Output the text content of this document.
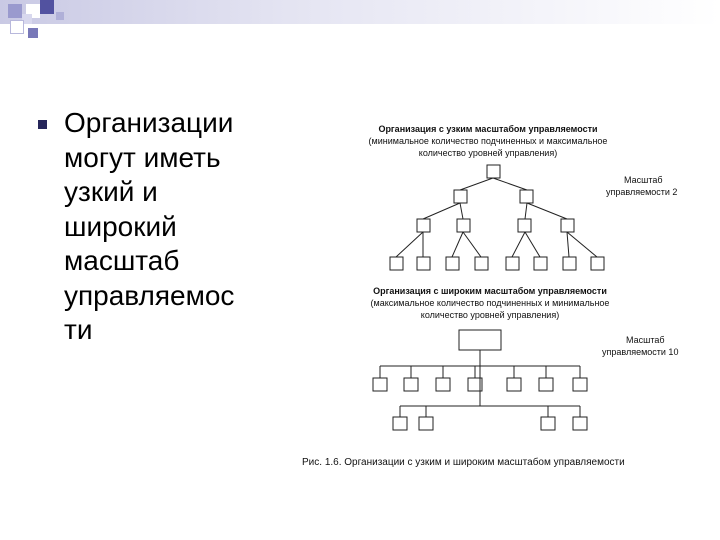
Организации
могут иметь
узкий и
широкий
масштаб
управляемос
ти
Организация с узким масштабом управляемости
(минимальное количество подчиненных и максимальное
количество уровней управления)
Масштаб
управляемости 2
Организация с широким масштабом управляемости
(максимальное количество подчиненных и минимальное
количество уровней управления)
Масштаб
управляемости 10
Рис. 1.6. Организации с узким и широким масштабом управляемости
